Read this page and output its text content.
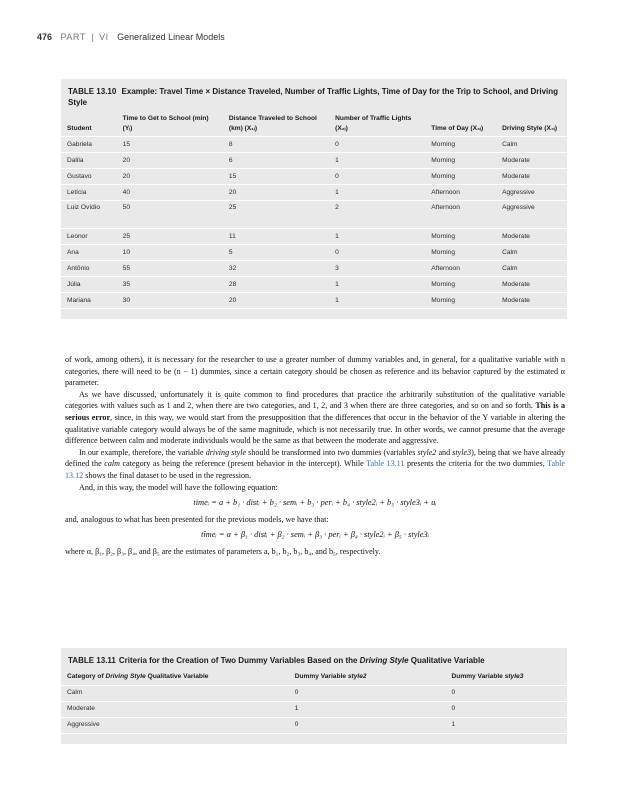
476 PART | VI Generalized Linear Models
TABLE 13.10 Example: Travel Time × Distance Traveled, Number of Traffic Lights, Time of Day for the Trip to School, and Driving Style
Student	Time to Get to School (min) (Yᵢ)	Distance Traveled to School (km) (X₁ᵢ)	Number of Traffic Lights (X₂ᵢ)	Time of Day (X₃ᵢ)	Driving Style (X₄ᵢ)
Gabriela	15	8	0	Morning	Calm
Dalila	20	6	1	Morning	Moderate
Gustavo	20	15	0	Morning	Moderate
Letícia	40	20	1	Afternoon	Aggressive
Luiz Ovídio	50	25	2	Afternoon	Aggressive
Leonor	25	11	1	Morning	Moderate
Ana	10	5	0	Morning	Calm
Antônio	55	32	3	Afternoon	Calm
Júlia	35	28	1	Morning	Moderate
Mariana	30	20	1	Morning	Moderate

of work, among others), it is necessary for the researcher to use a greater number of dummy variables and, in general, for a qualitative variable with n categories, there will need to be (n − 1) dummies, since a certain category should be chosen as reference and its behavior captured by the estimated α parameter.

As we have discussed, unfortunately it is quite common to find procedures that practice the arbitrarily substitution of the qualitative variable categories with values such as 1 and 2, when there are two categories, and 1, 2, and 3 when there are three categories, and so on and so forth. This is a serious error, since, in this way, we would start from the presupposition that the differences that occur in the behavior of the Y variable in altering the qualitative variable category would always be of the same magnitude, which is not necessarily true. In other words, we cannot presume that the average difference between calm and moderate individuals would be the same as that between the moderate and aggressive.

In our example, therefore, the variable driving style should be transformed into two dummies (variables style2 and style3), being that we have already defined the calm category as being the reference (present behavior in the intercept). While Table 13.11 presents the criteria for the two dummies, Table 13.12 shows the final dataset to be used in the regression.

And, in this way, the model will have the following equation:

timeᵢ = a + b₁ · distᵢ + b₂ · semᵢ + b₃ · perᵢ + b₄ · style2ᵢ + b₅ · style3ᵢ + uᵢ

and, analogous to what has been presented for the previous models, we have that:

tîmeᵢ = α + β₁ · distᵢ + β₂ · semᵢ + β₃ · perᵢ + β₄ · style2ᵢ + β₅ · style3ᵢ

where α, β₁, β₂, β₃, β₄, and β₅ are the estimates of parameters a, b₁, b₂, b₃, b₄, and b₅, respectively.

TABLE 13.11 Criteria for the Creation of Two Dummy Variables Based on the Driving Style Qualitative Variable
Category of Driving Style Qualitative Variable	Dummy Variable style2	Dummy Variable style3
Calm	0	0
Moderate	1	0
Aggressive	0	1
